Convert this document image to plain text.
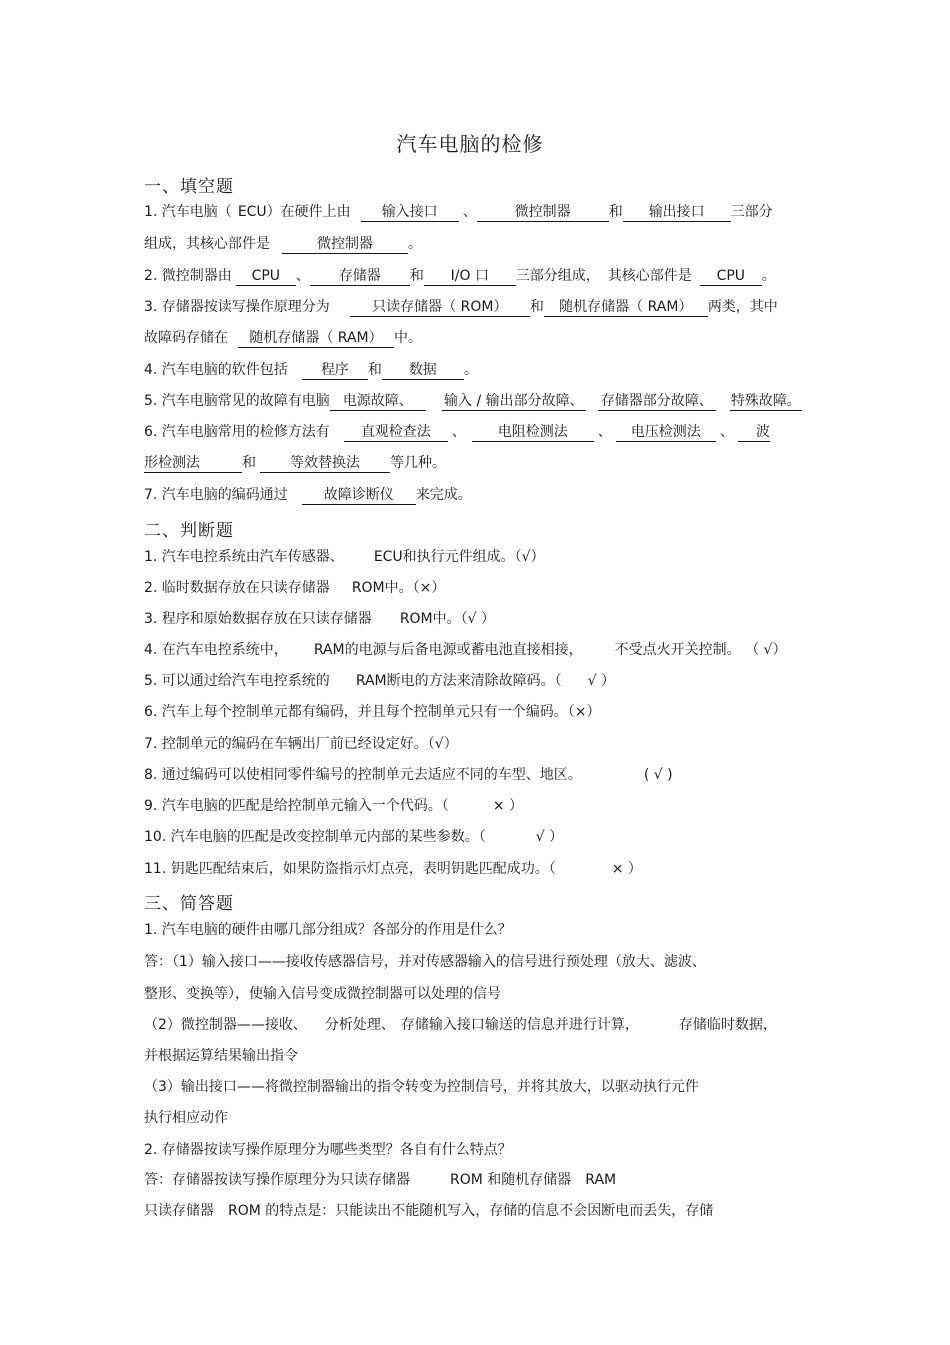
汽车电脑的检修
一、填空题
1. 汽车电脑（ ECU）在硬件上由 输入接口 、	微控制器	和 输出接口 三部分
组成，其核心部件是	微控制器	。
2. 微控制器由 CPU 、 存储器 和 I/O 口 三部分组成， 其核心部件是 CPU 。
3. 存储器按读写操作原理分为	只读存储器（ ROM） 和 随机存储器（ RAM） 两类，其中
故障码存储在 随机存储器（ RAM） 中。
4. 汽车电脑的软件包括 程序 和 数据 。
5. 汽车电脑常见的故障有电脑 电源故障、 输入 / 输出部分故障、 存储器部分故障、 特殊故障。
6. 汽车电脑常用的检修方法有 直观检查法 、 电阻检测法 、 电压检测法 、 波
形检测法	和 等效替换法 等几种。
7. 汽车电脑的编码通过	故障诊断仪 来完成。
二、判断题
1. 汽车电控系统由汽车传感器、 ECU和执行元件组成。（√）
2. 临时数据存放在只读存储器 ROM中。（×）
3. 程序和原始数据存放在只读存储器 ROM中。（√ ）
4. 在汽车电控系统中， RAM的电源与后备电源或蓄电池直接相接， 不受点火开关控制。 （ √）
5. 可以通过给汽车电控系统的 RAM断电的方法来清除故障码。（ √ ）
6. 汽车上每个控制单元都有编码，并且每个控制单元只有一个编码。（×）
7. 控制单元的编码在车辆出厂前已经设定好。（√）
8. 通过编码可以使相同零件编号的控制单元去适应不同的车型、地区。	( √ )
9. 汽车电脑的匹配是给控制单元输入一个代码。（	× ）
10. 汽车电脑的匹配是改变控制单元内部的某些参数。（	√ ）
11. 钥匙匹配结束后，如果防盗指示灯点亮，表明钥匙匹配成功。（	× ）
三、简答题
1. 汽车电脑的硬件由哪几部分组成？各部分的作用是什么？
答：（1）输入接口——接收传感器信号，并对传感器输入的信号进行预处理（放大、滤波、
整形、变换等），使输入信号变成微控制器可以处理的信号
（2）微控制器——接收、 分析处理、 存储输入接口输送的信息并进行计算，	存储临时数据，
并根据运算结果输出指令
（3）输出接口——将微控制器输出的指令转变为控制信号，并将其放大，以驱动执行元件
执行相应动作
2. 存储器按读写操作原理分为哪些类型？各自有什么特点？
答：存储器按读写操作原理分为只读存储器	ROM 和随机存储器 RAM
只读存储器 ROM 的特点是：只能读出不能随机写入，存储的信息不会因断电而丢失，存储
